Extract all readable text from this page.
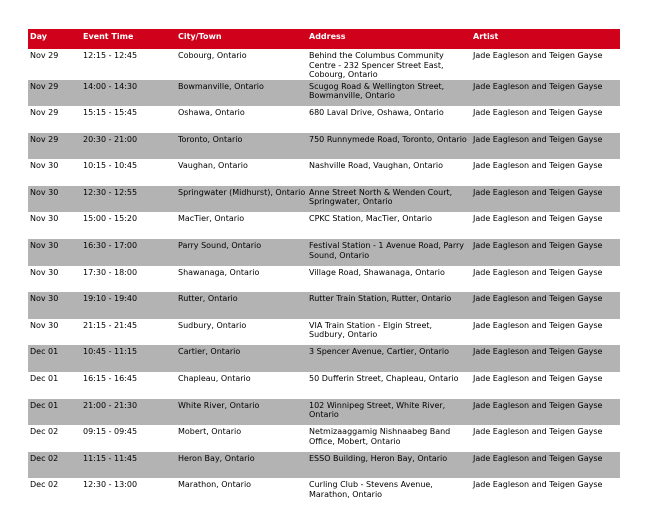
Day	Event Time	City/Town	Address	Artist
Nov 29	12:15 - 12:45	Cobourg, Ontario	Behind the Columbus Community Centre - 232 Spencer Street East, Cobourg, Ontario	Jade Eagleson and Teigen Gayse
Nov 29	14:00 - 14:30	Bowmanville, Ontario	Scugog Road & Wellington Street, Bowmanville, Ontario	Jade Eagleson and Teigen Gayse
Nov 29	15:15 - 15:45	Oshawa, Ontario	680 Laval Drive, Oshawa, Ontario	Jade Eagleson and Teigen Gayse
Nov 29	20:30 - 21:00	Toronto, Ontario	750 Runnymede Road, Toronto, Ontario	Jade Eagleson and Teigen Gayse
Nov 30	10:15 - 10:45	Vaughan, Ontario	Nashville Road, Vaughan, Ontario	Jade Eagleson and Teigen Gayse
Nov 30	12:30 - 12:55	Springwater (Midhurst), Ontario	Anne Street North & Wenden Court, Springwater, Ontario	Jade Eagleson and Teigen Gayse
Nov 30	15:00 - 15:20	MacTier, Ontario	CPKC Station, MacTier, Ontario	Jade Eagleson and Teigen Gayse
Nov 30	16:30 - 17:00	Parry Sound, Ontario	Festival Station - 1 Avenue Road, Parry Sound, Ontario	Jade Eagleson and Teigen Gayse
Nov 30	17:30 - 18:00	Shawanaga, Ontario	Village Road, Shawanaga, Ontario	Jade Eagleson and Teigen Gayse
Nov 30	19:10 - 19:40	Rutter, Ontario	Rutter Train Station, Rutter, Ontario	Jade Eagleson and Teigen Gayse
Nov 30	21:15 - 21:45	Sudbury, Ontario	VIA Train Station - Elgin Street, Sudbury, Ontario	Jade Eagleson and Teigen Gayse
Dec 01	10:45 - 11:15	Cartier, Ontario	3 Spencer Avenue, Cartier, Ontario	Jade Eagleson and Teigen Gayse
Dec 01	16:15 - 16:45	Chapleau, Ontario	50 Dufferin Street, Chapleau, Ontario	Jade Eagleson and Teigen Gayse
Dec 01	21:00 - 21:30	White River, Ontario	102 Winnipeg Street, White River, Ontario	Jade Eagleson and Teigen Gayse
Dec 02	09:15 - 09:45	Mobert, Ontario	Netmizaaggamig Nishnaabeg Band Office, Mobert, Ontario	Jade Eagleson and Teigen Gayse
Dec 02	11:15 - 11:45	Heron Bay, Ontario	ESSO Building, Heron Bay, Ontario	Jade Eagleson and Teigen Gayse
Dec 02	12:30 - 13:00	Marathon, Ontario	Curling Club - Stevens Avenue, Marathon, Ontario	Jade Eagleson and Teigen Gayse
